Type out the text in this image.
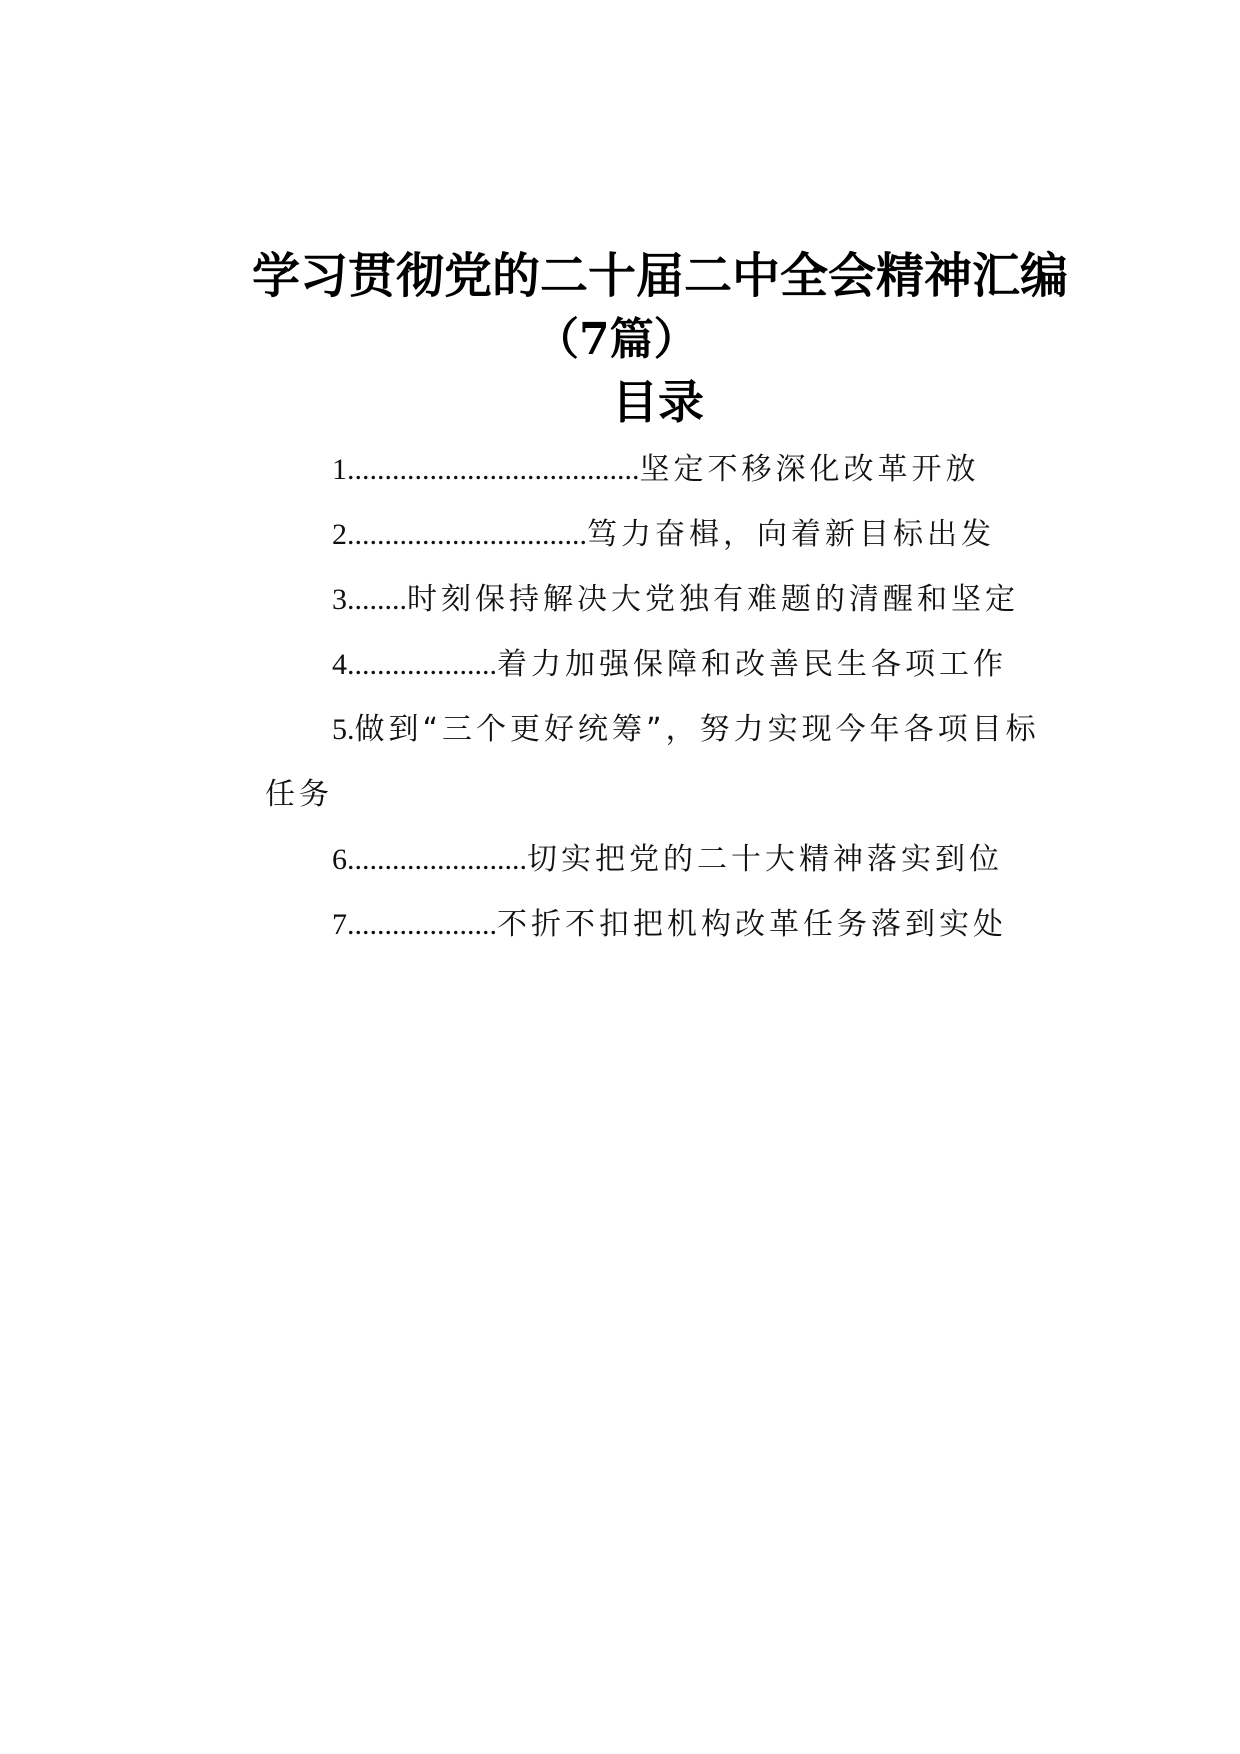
学习贯彻党的二十届二中全会精神汇编
（7篇）
目录
1.......................................坚定不移深化改革开放
2................................笃力奋楫，向着新目标出发
3........时刻保持解决大党独有难题的清醒和坚定
4....................着力加强保障和改善民生各项工作
5.做到“三个更好统筹”，努力实现今年各项目标
任务
6........................切实把党的二十大精神落实到位
7....................不折不扣把机构改革任务落到实处
